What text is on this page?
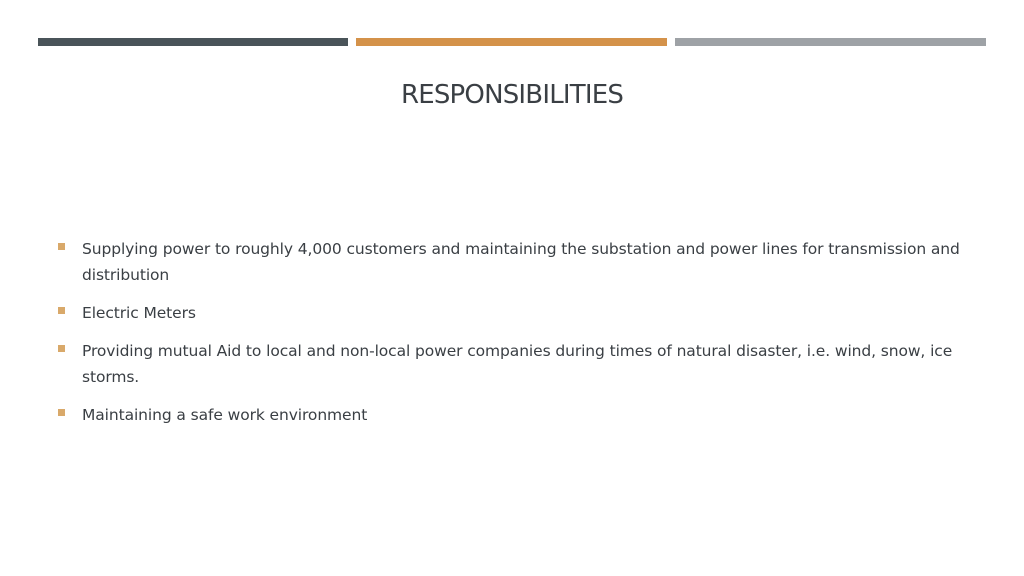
RESPONSIBILITIES
Supplying power to roughly 4,000 customers and maintaining the substation and power lines for transmission and distribution
Electric Meters
Providing mutual Aid to local and non-local power companies during times of natural disaster, i.e. wind, snow, ice storms.
Maintaining a safe work environment
